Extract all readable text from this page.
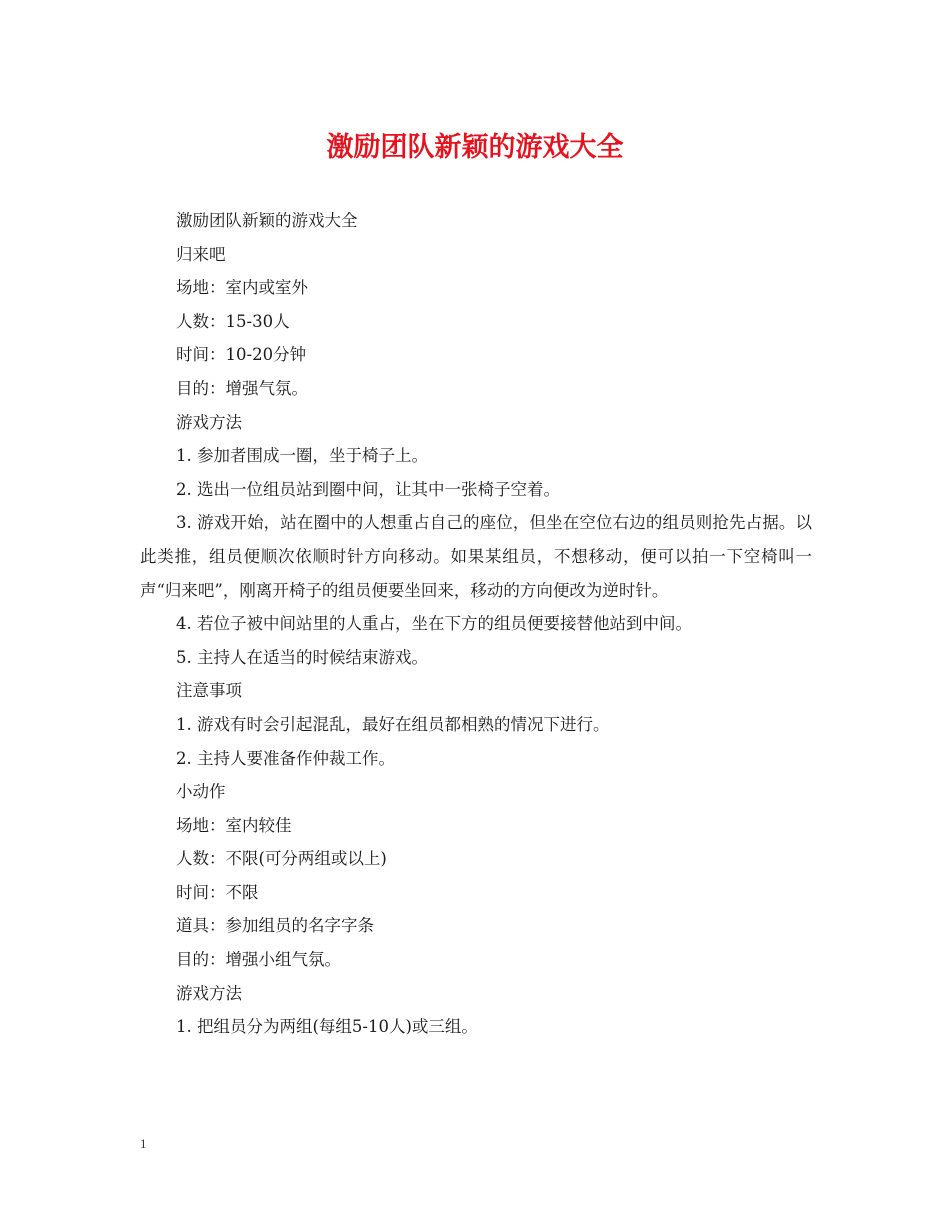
激励团队新颖的游戏大全

激励团队新颖的游戏大全

归来吧

场地：室内或室外

人数：15-30人

时间：10-20分钟

目的：增强气氛。

游戏方法

1. 参加者围成一圈，坐于椅子上。

2. 选出一位组员站到圈中间，让其中一张椅子空着。

3. 游戏开始，站在圈中的人想重占自己的座位，但坐在空位右边的组员则抢先占据。以此类推，组员便顺次依顺时针方向移动。如果某组员，不想移动，便可以拍一下空椅叫一声“归来吧”，刚离开椅子的组员便要坐回来，移动的方向便改为逆时针。

4. 若位子被中间站里的人重占，坐在下方的组员便要接替他站到中间。

5. 主持人在适当的时候结束游戏。

注意事项

1. 游戏有时会引起混乱，最好在组员都相熟的情况下进行。

2. 主持人要准备作仲裁工作。

小动作

场地：室内较佳

人数：不限(可分两组或以上)

时间：不限

道具：参加组员的名字字条

目的：增强小组气氛。

游戏方法

1. 把组员分为两组(每组5-10人)或三组。

1
